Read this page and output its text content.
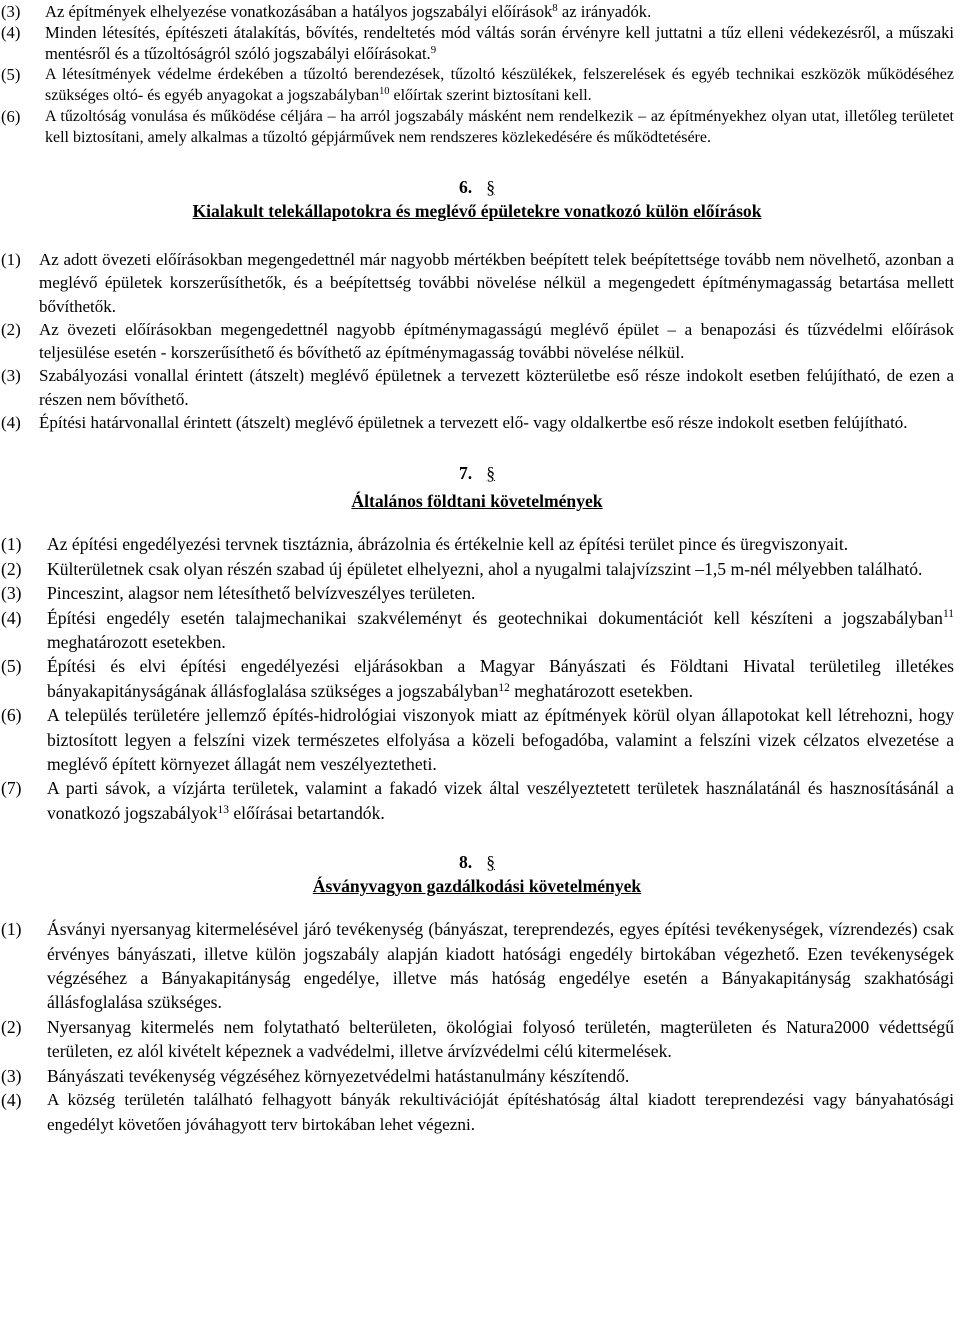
(3)	Az építmények elhelyezése vonatkozásában a hatályos jogszabályi előírások$^8$ az irányadók.

(4)	Minden létesítés, építészeti átalakítás, bővítés, rendeltetés mód váltás során érvényre kell juttatni a tűz elleni védekezésről, a műszaki mentésről és a tűzoltóságról szóló jogszabályi előírásokat.$^9$

(5)	A létesítmények védelme érdekében a tűzoltó berendezések, tűzoltó készülékek, felszerelések és egyéb technikai eszközök működéséhez szükséges oltó- és egyéb anyagokat a jogszabályban$^{10}$ előírtak szerint biztosítani kell.

(6)	A tűzoltóság vonulása és működése céljára – ha arról jogszabály másként nem rendelkezik – az építményekhez olyan utat, illetőleg területet kell biztosítani, amely alkalmas a tűzoltó gépjárművek nem rendszeres közlekedésére és működtetésére.

6. §
Kialakult telekállapotokra és meglévő épületekre vonatkozó külön előírások

(1)	Az adott övezeti előírásokban megengedettnél már nagyobb mértékben beépített telek beépítettsége tovább nem növelhető, azonban a meglévő épületek korszerűsíthetők, és a beépítettség további növelése nélkül a megengedett építménymagasság betartása mellett bővíthetők.

(2)	Az övezeti előírásokban megengedettnél nagyobb építménymagasságú meglévő épület – a benapozási és tűzvédelmi előírások teljesülése esetén - korszerűsíthető és bővíthető az építménymagasság további növelése nélkül.

(3)	Szabályozási vonallal érintett (átszelt) meglévő épületnek a tervezett közterületbe eső része indokolt esetben felújítható, de ezen a részen nem bővíthető.

(4)	Építési határvonallal érintett (átszelt) meglévő épületnek a tervezett elő- vagy oldalkertbe eső része indokolt esetben felújítható.

7. §
Általános földtani követelmények

(1)	Az építési engedélyezési tervnek tisztáznia, ábrázolnia és értékelnie kell az építési terület pince és üregviszonyait.

(2)	Külterületnek csak olyan részén szabad új épületet elhelyezni, ahol a nyugalmi talajvízszint –1,5 m-nél mélyebben található.

(3)	Pinceszint, alagsor nem létesíthető belvízveszélyes területen.

(4)	Építési engedély esetén talajmechanikai szakvéleményt és geotechnikai dokumentációt kell készíteni a jogszabályban$^{11}$ meghatározott esetekben.

(5)	Építési és elvi építési engedélyezési eljárásokban a Magyar Bányászati és Földtani Hivatal területileg illetékes bányakapitányságának állásfoglalása szükséges a jogszabályban$^{12}$ meghatározott esetekben.

(6)	A település területére jellemző építés-hidrológiai viszonyok miatt az építmények körül olyan állapotokat kell létrehozni, hogy biztosított legyen a felszíni vizek természetes elfolyása a közeli befogadóba, valamint a felszíni vizek célzatos elvezetése a meglévő épített környezet állagát nem veszélyeztetheti.

(7)	A parti sávok, a vízjárta területek, valamint a fakadó vizek által veszélyeztetett területek használatánál és hasznosításánál a vonatkozó jogszabályok$^{13}$ előírásai betartandók.

8. §
Ásványvagyon gazdálkodási követelmények

(1)	Ásványi nyersanyag kitermelésével járó tevékenység (bányászat, tereprendezés, egyes építési tevékenységek, vízrendezés) csak érvényes bányászati, illetve külön jogszabály alapján kiadott hatósági engedély birtokában végezhető. Ezen tevékenységek végzéséhez a Bányakapitányság engedélye, illetve más hatóság engedélye esetén a Bányakapitányság szakhatósági állásfoglalása szükséges.

(2)	Nyersanyag kitermelés nem folytatható belterületen, ökológiai folyosó területén, magterületen és Natura2000 védettségű területen, ez alól kivételt képeznek a vadvédelmi, illetve árvízvédelmi célú kitermelések.

(3)	Bányászati tevékenység végzéséhez környezetvédelmi hatástanulmány készítendő.

(4)	A község területén található felhagyott bányák rekultivációját építéshatóság által kiadott tereprendezési vagy bányahatósági engedélyt követően jóváhagyott terv birtokában lehet végezni.
